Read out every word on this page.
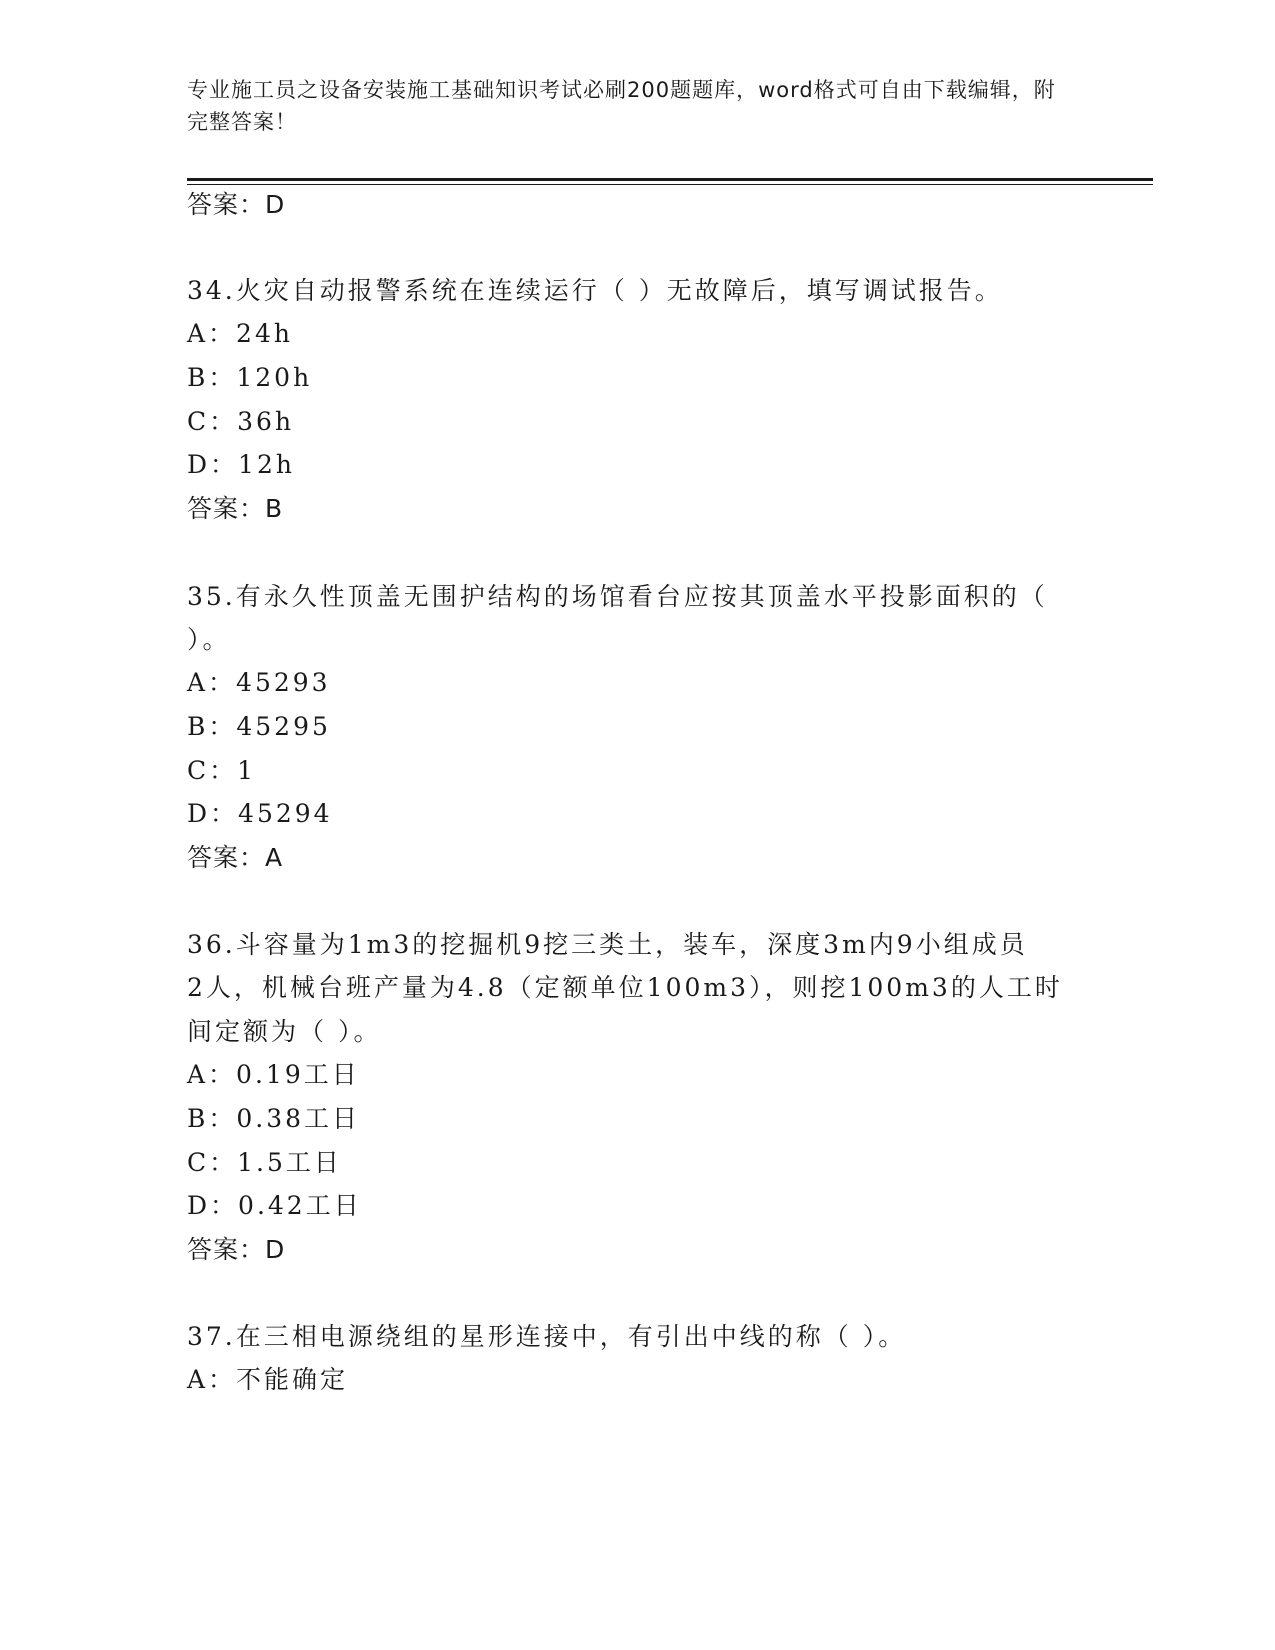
专业施工员之设备安装施工基础知识考试必刷200题题库，word格式可自由下载编辑，附完整答案！
答案：D
34.火灾自动报警系统在连续运行（ ）无故障后，填写调试报告。
A：24h
B：120h
C：36h
D：12h
答案：B
35.有永久性顶盖无围护结构的场馆看台应按其顶盖水平投影面积的（
）。
A：45293
B：45295
C：1
D：45294
答案：A
36.斗容量为1m3的挖掘机9挖三类土，装车，深度3m内9小组成员
2人，机械台班产量为4.8（定额单位100m3），则挖100m3的人工时
间定额为（ ）。
A：0.19工日
B：0.38工日
C：1.5工日
D：0.42工日
答案：D
37.在三相电源绕组的星形连接中，有引出中线的称（ ）。
A：不能确定
